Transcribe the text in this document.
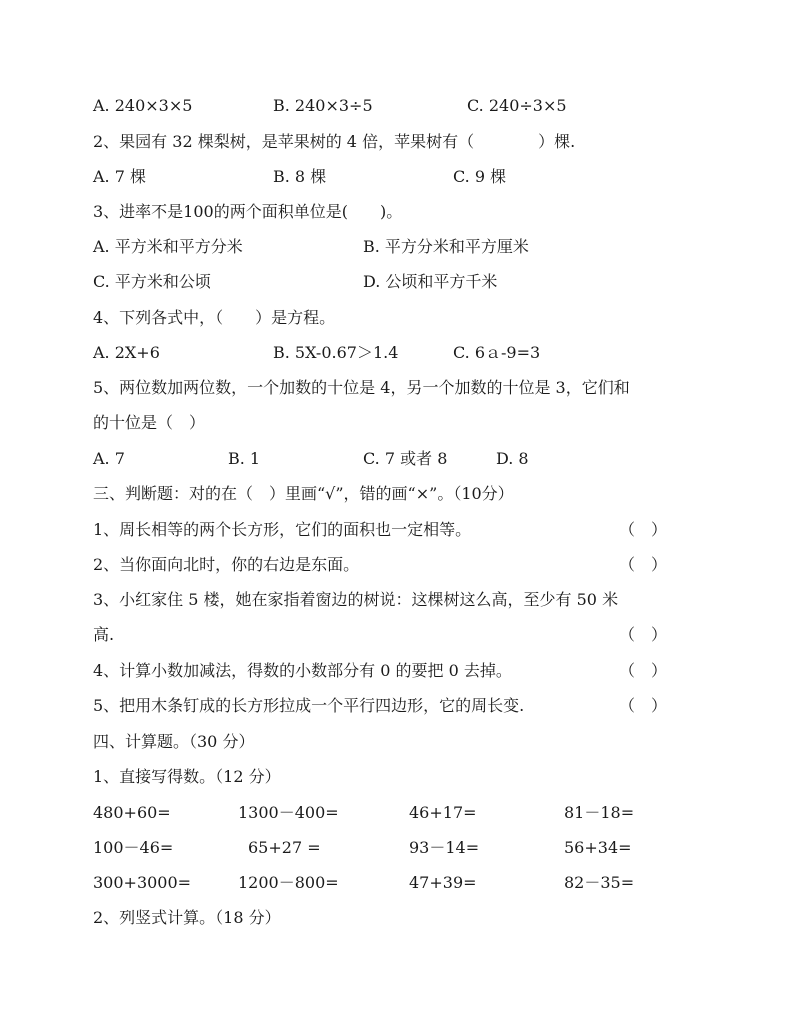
A. 240×3×5	B. 240×3÷5	C. 240÷3×5
2、果园有 32 棵梨树，是苹果树的 4 倍，苹果树有（　　　　）棵.
A. 7 棵	B. 8 棵	C. 9 棵
3、进率不是100的两个面积单位是(　　)。
A. 平方米和平方分米	B. 平方分米和平方厘米
C. 平方米和公顷	D. 公顷和平方千米
4、下列各式中，（　　）是方程。
A. 2X+6	B. 5X-0.67＞1.4	C. 6ａ-9=3
5、两位数加两位数，一个加数的十位是 4，另一个加数的十位是 3，它们和
的十位是（　）
A. 7	B. 1	C. 7 或者 8	D. 8
三、判断题：对的在（　）里画“√”，错的画“×”。（10分）
1、周长相等的两个长方形，它们的面积也一定相等。	（　）
2、当你面向北时，你的右边是东面。	（　）
3、小红家住 5 楼，她在家指着窗边的树说：这棵树这么高，至少有 50 米
高.	（　）
4、计算小数加减法，得数的小数部分有 0 的要把 0 去掉。	（　）
5、把用木条钉成的长方形拉成一个平行四边形，它的周长变.	（　）
四、计算题。（30 分）
1、直接写得数。（12 分）
480+60=	1300－400=	46+17=	81－18=
100－46=	65+27 =	93－14=	56+34=
300+3000=	1200－800=	47+39=	82－35=
2、列竖式计算。（18 分）
